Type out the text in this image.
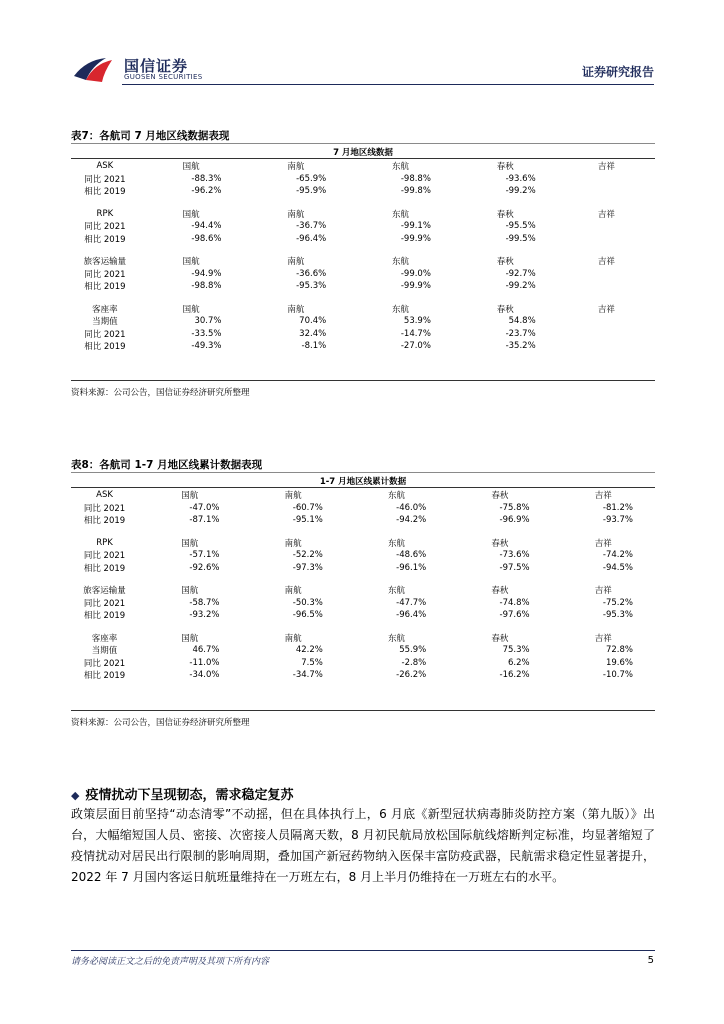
国信证券
GUOSEN SECURITIES	证券研究报告
表7：各航司 7 月地区线数据表现
7 月地区线数据
ASK	国航	南航	东航	春秋	吉祥
同比 2021	-88.3%	-65.9%	-98.8%	-93.6%	
相比 2019	-96.2%	-95.9%	-99.8%	-99.2%	

RPK	国航	南航	东航	春秋	吉祥
同比 2021	-94.4%	-36.7%	-99.1%	-95.5%	
相比 2019	-98.6%	-96.4%	-99.9%	-99.5%	

旅客运输量	国航	南航	东航	春秋	吉祥
同比 2021	-94.9%	-36.6%	-99.0%	-92.7%	
相比 2019	-98.8%	-95.3%	-99.9%	-99.2%	

客座率	国航	南航	东航	春秋	吉祥
当期值	30.7%	70.4%	53.9%	54.8%	
同比 2021	-33.5%	32.4%	-14.7%	-23.7%	
相比 2019	-49.3%	-8.1%	-27.0%	-35.2%	
资料来源：公司公告，国信证券经济研究所整理
表8：各航司 1-7 月地区线累计数据表现
1-7 月地区线累计数据
ASK	国航	南航	东航	春秋	吉祥
同比 2021	-47.0%	-60.7%	-46.0%	-75.8%	-81.2%
相比 2019	-87.1%	-95.1%	-94.2%	-96.9%	-93.7%

RPK	国航	南航	东航	春秋	吉祥
同比 2021	-57.1%	-52.2%	-48.6%	-73.6%	-74.2%
相比 2019	-92.6%	-97.3%	-96.1%	-97.5%	-94.5%

旅客运输量	国航	南航	东航	春秋	吉祥
同比 2021	-58.7%	-50.3%	-47.7%	-74.8%	-75.2%
相比 2019	-93.2%	-96.5%	-96.4%	-97.6%	-95.3%

客座率	国航	南航	东航	春秋	吉祥
当期值	46.7%	42.2%	55.9%	75.3%	72.8%
同比 2021	-11.0%	7.5%	-2.8%	6.2%	19.6%
相比 2019	-34.0%	-34.7%	-26.2%	-16.2%	-10.7%
资料来源：公司公告，国信证券经济研究所整理
◆ 疫情扰动下呈现韧态，需求稳定复苏
政策层面目前坚持“动态清零”不动摇，但在具体执行上，6 月底《新型冠状病毒肺炎防控方案（第九版）》出台，大幅缩短国人员、密接、次密接人员隔离天数，8 月初民航局放松国际航线熔断判定标准，均显著缩短了疫情扰动对居民出行限制的影响周期，叠加国产新冠药物纳入医保丰富防疫武器，民航需求稳定性显著提升，2022 年 7 月国内客运日航班量维持在一万班左右，8 月上半月仍维持在一万班左右的水平。
请务必阅读正文之后的免责声明及其项下所有内容	5
